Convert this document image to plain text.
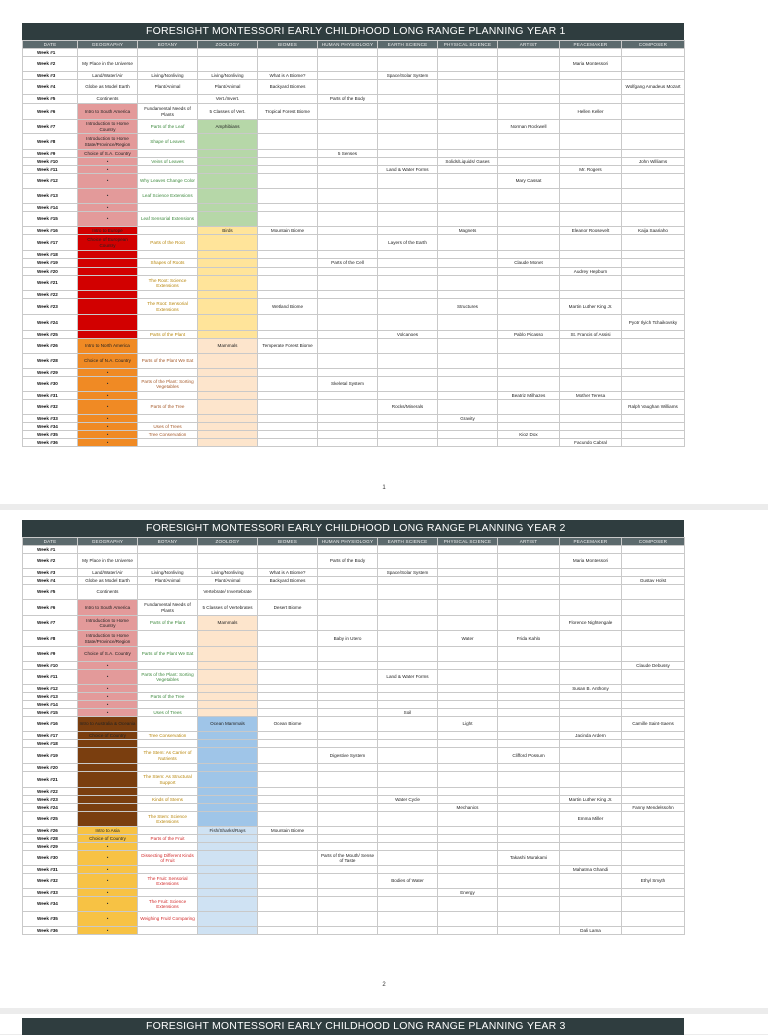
FORESIGHT MONTESSORI EARLY CHILDHOOD LONG RANGE PLANNING YEAR 1
DATE	GEOGRAPHY	BOTANY	ZOOLOGY	BIOMES	HUMAN PHYSIOLOGY	EARTH SCIENCE	PHYSICAL SCIENCE	ARTIST	PEACEMAKER	COMPOSER
Week #1										
Week #2	My Place in the Universe								Maria Montessori	
Week #3	Land/Water/Air	Living/Nonliving	Living/Nonliving	What is A Biome?		Space/Solar System				
Week #4	Globe as Model Earth	Plant/Animal	Plant/Animal	Backyard Biomes						Wolfgang Amadeus Mozart
Week #5	Continents		Vert./Invert.		Parts of the Body					
Week #6	Intro to South America	Fundamental Needs of Plants	5 Classes of Vert.	Tropical Forest Biome					Hellen Keller	
Week #7	Introduction to Home Country	Parts of the Leaf	Amphibians					Norman Rockwell		
Week #8	Introduction to Home State/Province/Region	Shape of Leaves								
Week #9	Choice of S.A. Country				5 Senses					
Week #10	•	Veins of Leaves					Solids/Liquids/ Gases			John Williams
Week #11	•					Land & Water Forms			Mr. Rogers	
Week #12	•	Why Leaves Change Color						Mary Cassat		
Week #13	•	Leaf Science Extensions								
Week #14	•									
Week #15	•	Leaf Sensorial Extensions								
Week #16	Intro to Europe		Birds	Mountain Biome			Magnets		Eleanor Roosevelt	Kaija Saariaho
Week #17	Choice of European Country	Parts of the Root				Layers of the Earth				
Week #18										
Week #19		Shapes of Roots			Parts of the Cell			Claude Monet		
Week #20									Audrey Hepburn	
Week #21		The Root: Science Extensions								
Week #22										
Week #23		The Root: Sensorial Extensions		Wetland Biome			Structures		Martin Luther King Jr.	
Week #24										Pyotr Ilyich Tchaikovsky
Week #25		Parts of the Plant				Volcanoes		Pablo Picasso	St. Francis of Assisi	
Week #26	Intro to North America		Mammals	Temperate Forest Biome						
Week #28	Choice of N.A. Country	Parts of the Plant We Eat								
Week #29	•									
Week #30	•	Parts of the Plant: Sorting Vegetables			Skeletal System					
Week #31	•							Beatriz Milhazes	Mother Teresa	
Week #32	•	Parts of the Tree				Rocks/Minerals				Ralph Vaughan Williams
Week #33	•						Gravity			
Week #34	•	Uses of Trees								
Week #35	•	Tree Conservation						Kioz Dox		
Week #36	•								Facundo Cabral	
1
FORESIGHT MONTESSORI EARLY CHILDHOOD LONG RANGE PLANNING YEAR 2
DATE	GEOGRAPHY	BOTANY	ZOOLOGY	BIOMES	HUMAN PHYSIOLOGY	EARTH SCIENCE	PHYSICAL SCIENCE	ARTIST	PEACEMAKER	COMPOSER
Week #1										
Week #2	My Place in the Universe				Parts of the Body				Maria Montessori	
Week #3	Land/Water/Air	Living/Nonliving	Living/Nonliving	What is A Biome?		Space/Solar System				
Week #4	Globe as Model Earth	Plant/Animal	Plant/Animal	Backyard Biomes						Gustav Holst
Week #5	Continents		Vertebrate/ Invertebrate							
Week #6	Intro to South America	Fundamental Needs of Plants	5 Classes of Vertebrates	Desert Biome						
Week #7	Introduction to Home Country	Parts of the Plant	Mammals						Florence Nightengale	
Week #8	Introduction to Home State/Province/Region				Baby in Utero		Water	Frida Kahlo		
Week #9	Choice of S.A. Country	Parts of the Plant We Eat								
Week #10	•									Claude Debussy
Week #11	•	Parts of the Plant: Sorting Vegetables				Land & Water Forms				
Week #12	•								Susan B. Anthony	
Week #13	•	Parts of the Tree								
Week #14	•									
Week #15	•	Uses of Trees				Soil				
Week #16	Intro to Australia & Oceania		Ocean Mammals	Ocean Biome			Light			Camille Saint-Saens
Week #17	Choice of Country	Tree Conservation							Jacinda Ardern	
Week #18										
Week #19		The Stem: As Carrier of Nutrients			Digestive System			Clifford Possum		
Week #20										
Week #21		The Stem: As Structural Support								
Week #22										
Week #23		Kinds of Stems				Water Cycle			Martin Luther King Jr.	
Week #24							Mechanics			Fanny Mendelssohn
Week #25		The Stem: Science Extensions							Emma Miller	
Week #26	Intro to Asia		Fish/Sharks/Rays	Mountain Biome						
Week #28	Choice of Country	Parts of the Fruit								
Week #29	•									
Week #30	•	Dissecting Different Kinds of Fruit			Parts of the Mouth/ Sense of Taste			Takashi Murakami		
Week #31	•								Mahatma Ghandi	
Week #32	•	The Fruit: Sensorial Extensions				Bodies of Water				Ethyl Smyth
Week #33	•						Energy			
Week #34	•	The Fruit: Science Extensions								
Week #35	•	Weighing Fruit/ Comparing								
Week #36	•								Dali Lama	
2
FORESIGHT MONTESSORI EARLY CHILDHOOD LONG RANGE PLANNING YEAR 3
